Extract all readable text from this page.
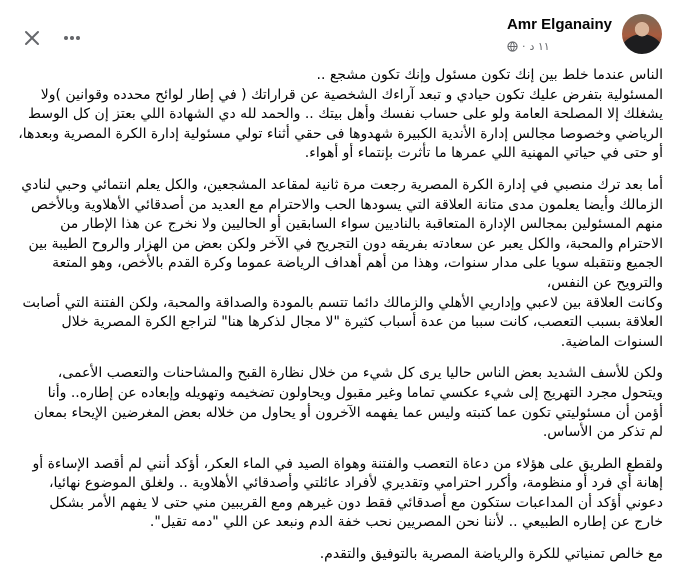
Amr Elganainy
١١ د
·

الناس عندما خلط بين إنك تكون مسئول وإنك تكون مشجع ..
المسئولية بتفرض عليك تكون حيادي و تبعد آراءك الشخصية عن قراراتك ( في إطار لوائح محدده وقوانين )ولا يشغلك إلا المصلحة العامة ولو على حساب نفسك وأهل بيتك .. والحمد لله دي الشهادة اللي بعتز إن كل الوسط الرياضي وخصوصا مجالس إدارة الأندية الكبيرة شهدوها فى حقي أثناء تولي مسئولية إدارة الكرة المصرية وبعدها، أو حتى في حياتي المهنية اللي عمرها ما تأثرت بإنتماء أو أهواء.

أما بعد ترك منصبي في إدارة الكرة المصرية رجعت مرة ثانية لمقاعد المشجعين، والكل يعلم انتمائي وحبي لنادي الزمالك وأيضا يعلمون مدى متانة العلاقة التي يسودها الحب والاحترام مع العديد من أصدقائي الأهلاوية وبالأخص منهم المسئولين بمجالس الإدارة المتعاقبة بالناديين سواء السابقين أو الحاليين ولا نخرج عن هذا الإطار من الاحترام والمحبة، والكل يعبر عن سعادته بفريقه دون التجريح في الآخر ولكن بعض من الهزار والروح الطيبة بين الجميع ونتقبله سويا على مدار سنوات، وهذا من أهم أهداف الرياضة عموما وكرة القدم بالأخص، وهو المتعة والترويح عن النفس،
وكانت العلاقة بين لاعبي وإداريي الأهلي والزمالك دائما تتسم بالمودة والصداقة والمحبة، ولكن الفتنة التي أصابت العلاقة بسبب التعصب، كانت سببا من عدة أسباب كثيرة "لا مجال لذكرها هنا" لتراجع الكرة المصرية خلال السنوات الماضية.

ولكن للأسف الشديد بعض الناس حاليا يرى كل شيء من خلال نظارة القبح والمشاحنات والتعصب الأعمى، ويتحول مجرد التهريج إلى شيء عكسي تماما وغير مقبول ويحاولون تضخيمه وتهويله وإبعاده عن إطاره.. وأنا أؤمن أن مسئوليتي تكون عما كتبته وليس عما يفهمه الآخرون أو يحاول من خلاله بعض المغرضين الإيحاء بمعان لم تذكر من الأساس.

ولقطع الطريق على هؤلاء من دعاة التعصب والفتنة وهواة الصيد في الماء العكر، أؤكد أنني لم أقصد الإساءة أو إهانة أي فرد أو منظومة، وأكرر احترامي وتقديري لأفراد عائلتي وأصدقائي الأهلاوية .. ولغلق الموضوع نهائيا، دعوني أؤكد أن المداعبات ستكون مع أصدقائي فقط دون غيرهم ومع القريبين مني حتى لا يفهم الأمر بشكل خارج عن إطاره الطبيعي .. لأننا نحن المصريين نحب خفة الدم ونبعد عن اللي "دمه تقيل".

مع خالص تمنياتي للكرة والرياضة المصرية بالتوفيق والتقدم.
